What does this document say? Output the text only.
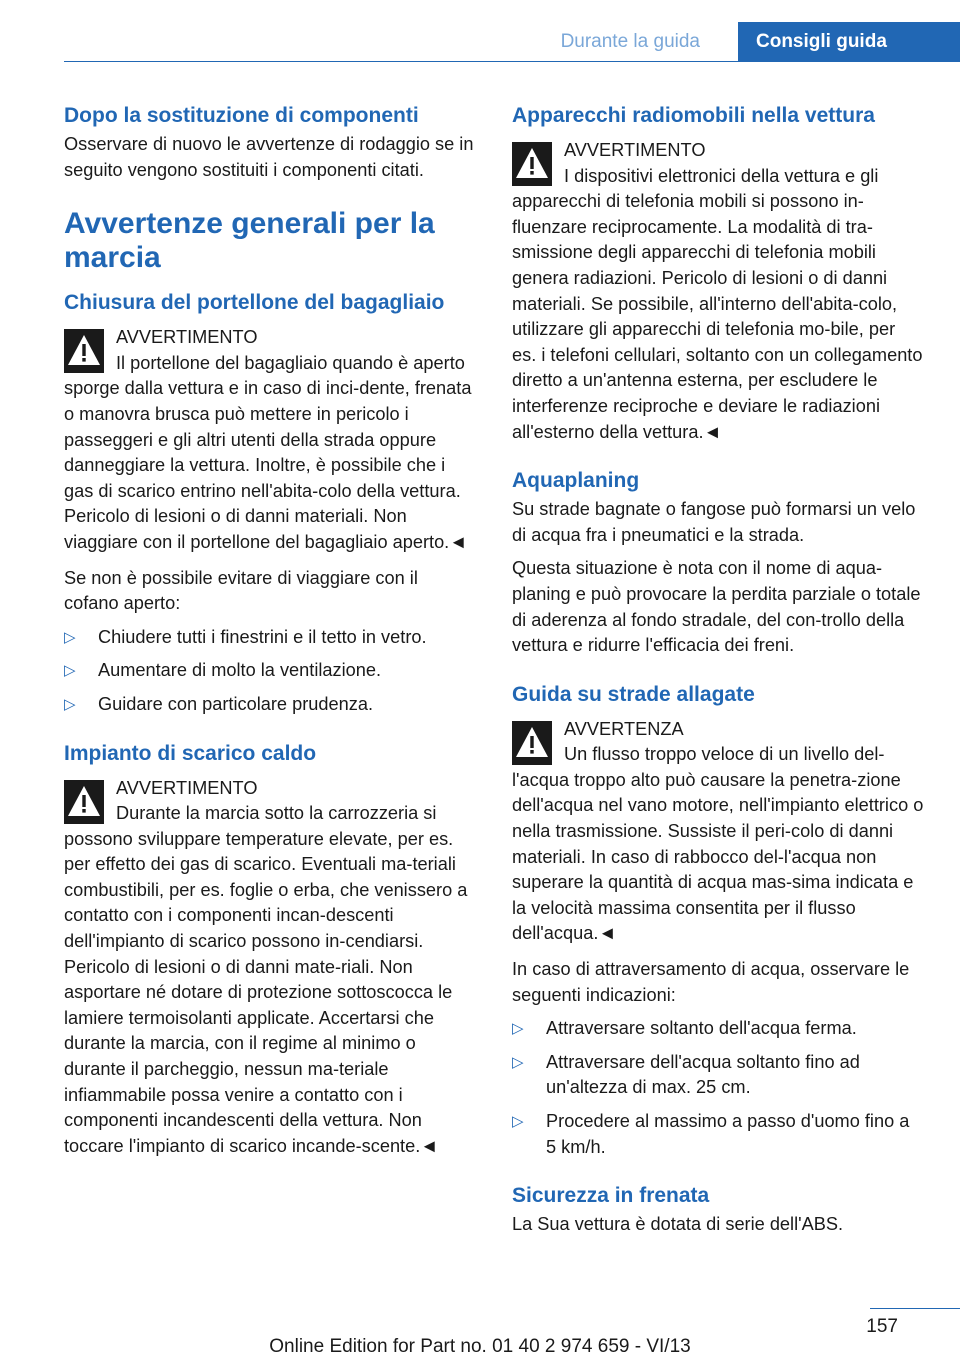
Durante la guida	Consigli guida
Dopo la sostituzione di componenti

Osservare di nuovo le avvertenze di rodaggio se in seguito vengono sostituiti i componenti citati.

Avvertenze generali per la marcia
Chiusura del portellone del bagagliaio
AVVERTIMENTO
Il portellone del bagagliaio quando è aperto sporge dalla vettura e in caso di inci-dente, frenata o manovra brusca può mettere in pericolo i passeggeri e gli altri utenti della strada oppure danneggiare la vettura. Inoltre, è possibile che i gas di scarico entrino nell'abita-colo della vettura. Pericolo di lesioni o di danni materiali. Non viaggiare con il portellone del bagagliaio aperto.◄

Se non è possibile evitare di viaggiare con il cofano aperto:

▷ Chiudere tutti i finestrini e il tetto in vetro.
▷ Aumentare di molto la ventilazione.
▷ Guidare con particolare prudenza.
Impianto di scarico caldo
AVVERTIMENTO
Durante la marcia sotto la carrozzeria si possono sviluppare temperature elevate, per es. per effetto dei gas di scarico. Eventuali ma-teriali combustibili, per es. foglie o erba, che venissero a contatto con i componenti incan-descenti dell'impianto di scarico possono in-cendiarsi. Pericolo di lesioni o di danni mate-riali. Non asportare né dotare di protezione sottoscocca le lamiere termoisolanti applicate. Accertarsi che durante la marcia, con il regime al minimo o durante il parcheggio, nessun ma-teriale infiammabile possa venire a contatto con i componenti incandescenti della vettura. Non toccare l'impianto di scarico incande-scente.◄
Apparecchi radiomobili nella vettura
AVVERTIMENTO
I dispositivi elettronici della vettura e gli apparecchi di telefonia mobili si possono in-fluenzare reciprocamente. La modalità di tra-smissione degli apparecchi di telefonia mobili genera radiazioni. Pericolo di lesioni o di danni materiali. Se possibile, all'interno dell'abita-colo, utilizzare gli apparecchi di telefonia mo-bile, per es. i telefoni cellulari, soltanto con un collegamento diretto a un'antenna esterna, per escludere le interferenze reciproche e deviare le radiazioni all'esterno della vettura.◄
Aquaplaning

Su strade bagnate o fangose può formarsi un velo di acqua fra i pneumatici e la strada.

Questa situazione è nota con il nome di aqua-planing e può provocare la perdita parziale o totale di aderenza al fondo stradale, del con-trollo della vettura e ridurre l'efficacia dei freni.

Guida su strade allagate
AVVERTENZA
Un flusso troppo veloce di un livello del-l'acqua troppo alto può causare la penetra-zione dell'acqua nel vano motore, nell'impianto elettrico o nella trasmissione. Sussiste il peri-colo di danni materiali. In caso di rabbocco del-l'acqua non superare la quantità di acqua mas-sima indicata e la velocità massima consentita per il flusso dell'acqua.◄

In caso di attraversamento di acqua, osservare le seguenti indicazioni:

▷ Attraversare soltanto dell'acqua ferma.
▷ Attraversare dell'acqua soltanto fino ad un'altezza di max. 25 cm.
▷ Procedere al massimo a passo d'uomo fino a 5 km/h.
Sicurezza in frenata

La Sua vettura è dotata di serie dell'ABS.

157
Online Edition for Part no. 01 40 2 974 659 - VI/13
